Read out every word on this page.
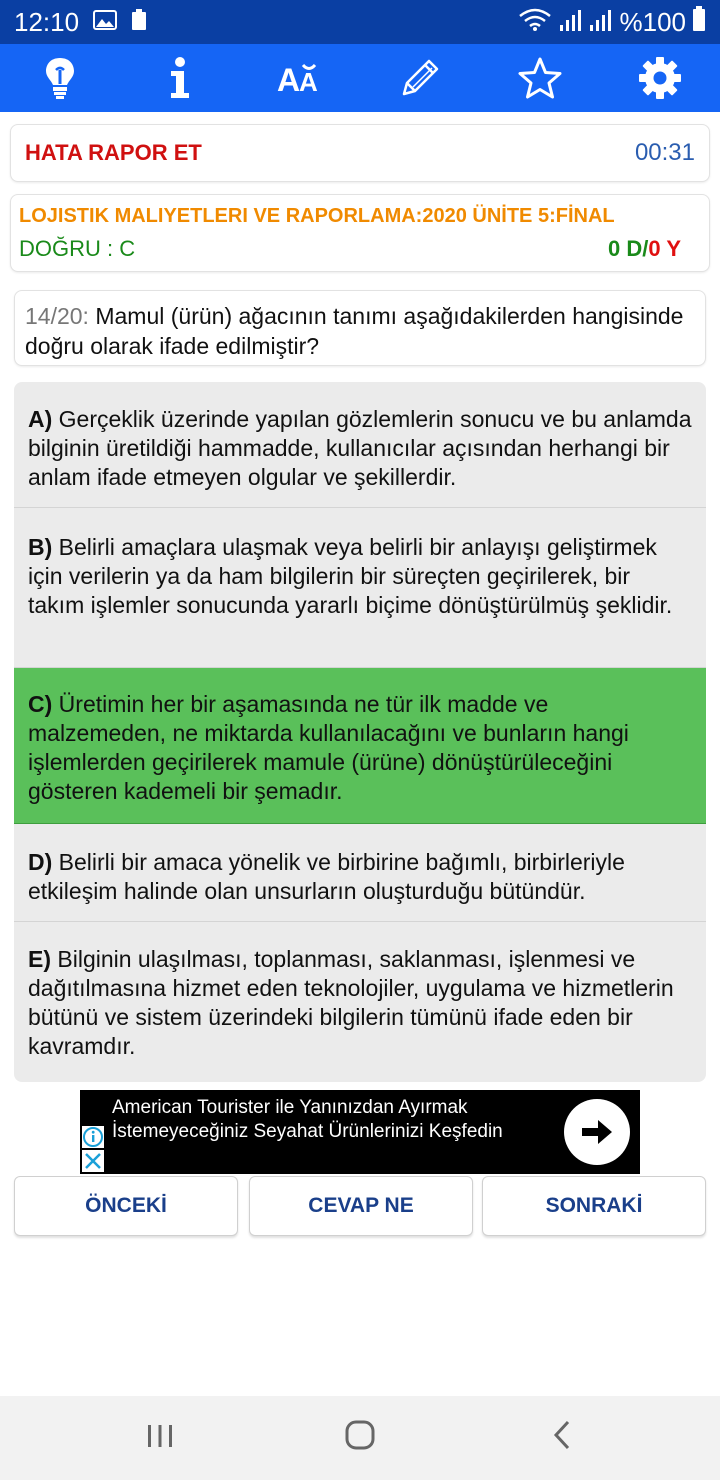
12:10	%100
A
A
HATA RAPOR ET	00:31
LOJISTIK MALIYETLERI VE RAPORLAMA:2020 ÜNİTE 5:FİNAL
DOĞRU : C	0 D/0 Y
14/20: Mamul (ürün) ağacının tanımı aşağıdakilerden hangisinde doğru olarak ifade edilmiştir?
A) Gerçeklik üzerinde yapılan gözlemlerin sonucu ve bu anlamda bilginin üretildiği hammadde, kullanıcılar açısından herhangi bir anlam ifade etmeyen olgular ve şekillerdir.
B) Belirli amaçlara ulaşmak veya belirli bir anlayışı geliştirmek için verilerin ya da ham bilgilerin bir süreçten geçirilerek, bir takım işlemler sonucunda yararlı biçime dönüştürülmüş şeklidir.
C) Üretimin her bir aşamasında ne tür ilk madde ve malzemeden, ne miktarda kullanılacağını ve bunların hangi işlemlerden geçirilerek mamule (ürüne) dönüştürüleceğini gösteren kademeli bir şemadır.
D) Belirli bir amaca yönelik ve birbirine bağımlı, birbirleriyle etkileşim halinde olan unsurların oluşturduğu bütündür.
E) Bilginin ulaşılması, toplanması, saklanması, işlenmesi ve dağıtılmasına hizmet eden teknolojiler, uygulama ve hizmetlerin bütünü ve sistem üzerindeki bilgilerin tümünü ifade eden bir kavramdır.
American Tourister ile Yanınızdan Ayırmak İstemeyeceğiniz Seyahat Ürünlerinizi Keşfedin
ÖNCEKİ	CEVAP NE	SONRAKİ
